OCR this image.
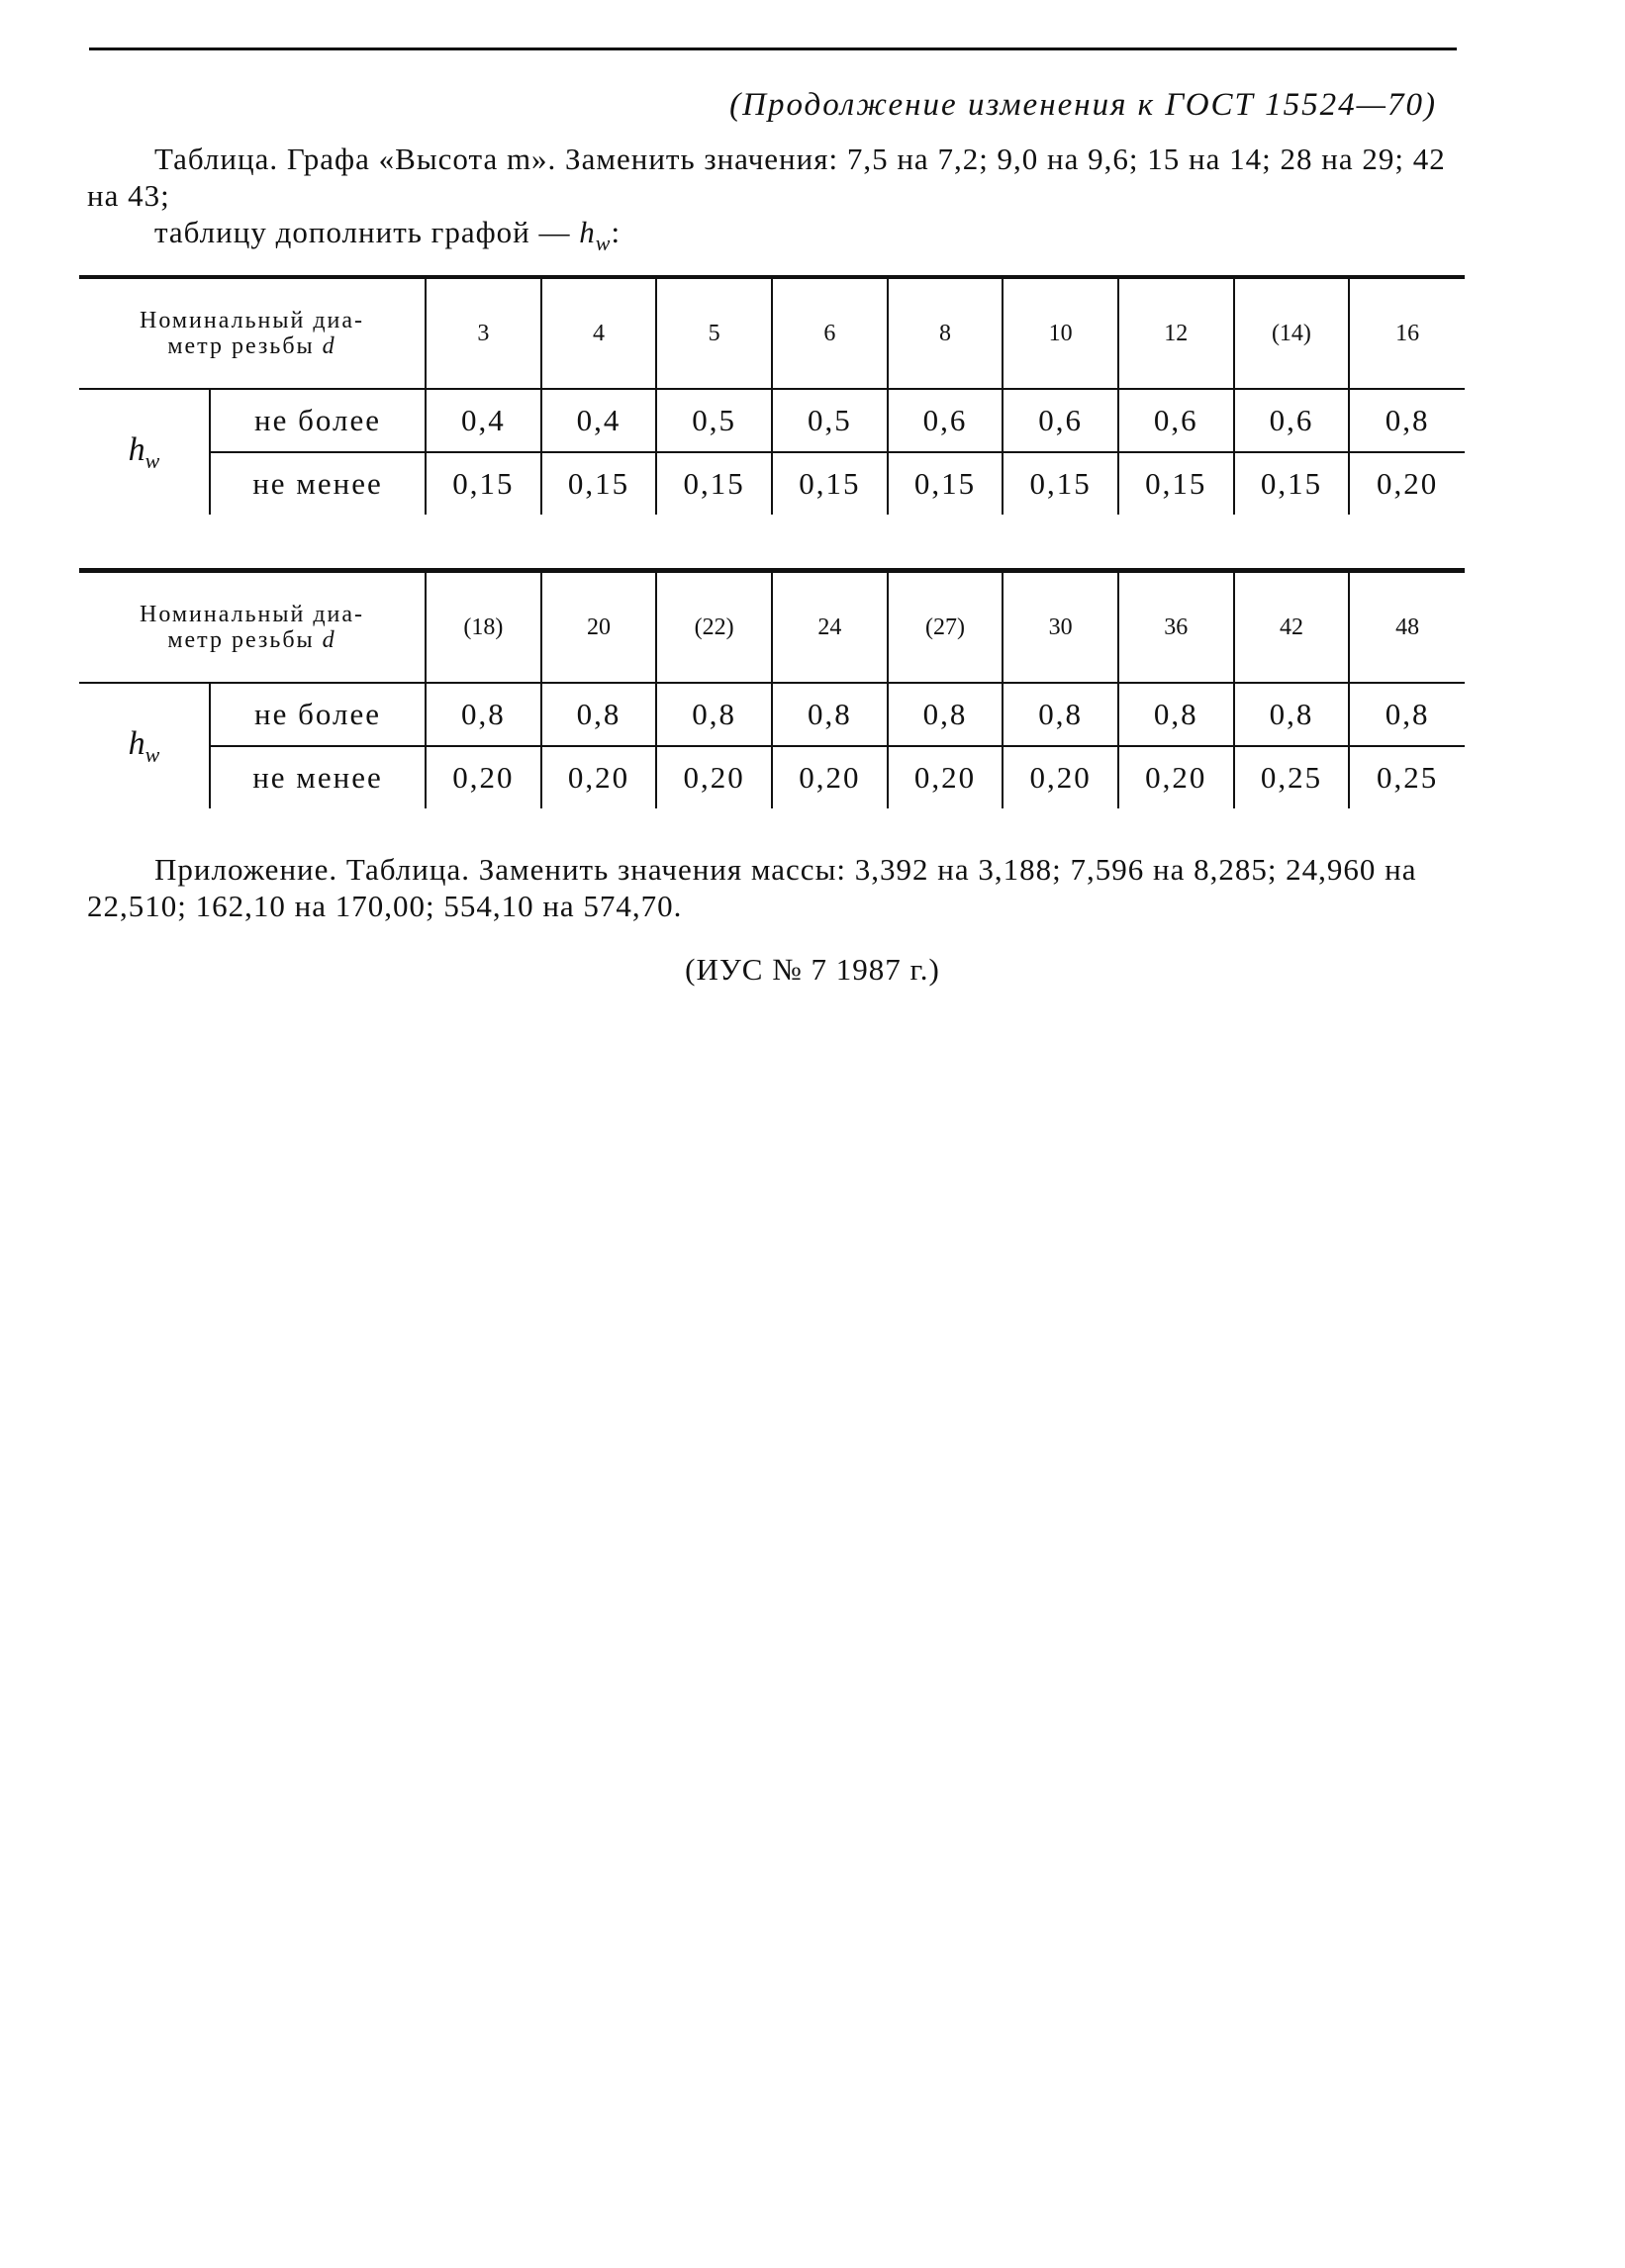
(Продолжение изменения к ГОСТ 15524—70)
Таблица. Графа «Высота m». Заменить значения: 7,5 на 7,2; 9,0 на 9,6; 15 на 14; 28 на 29; 42 на 43;
таблицу дополнить графой — $h_w$:
Номинальный диа-
метр резьбы d		3	4	5	6	8	10	12	(14)	16
$h_w$	не более	0,4	0,4	0,5	0,5	0,6	0,6	0,6	0,6	0,8
	не менее	0,15	0,15	0,15	0,15	0,15	0,15	0,15	0,15	0,20
Номинальный диа-
метр резьбы d		(18)	20	(22)	24	(27)	30	36	42	48
$h_w$	не более	0,8	0,8	0,8	0,8	0,8	0,8	0,8	0,8	0,8
	не менее	0,20	0,20	0,20	0,20	0,20	0,20	0,20	0,25	0,25
Приложение. Таблица. Заменить значения массы: 3,392 на 3,188; 7,596 на 8,285; 24,960 на 22,510; 162,10 на 170,00; 554,10 на 574,70.
(ИУС № 7 1987 г.)
